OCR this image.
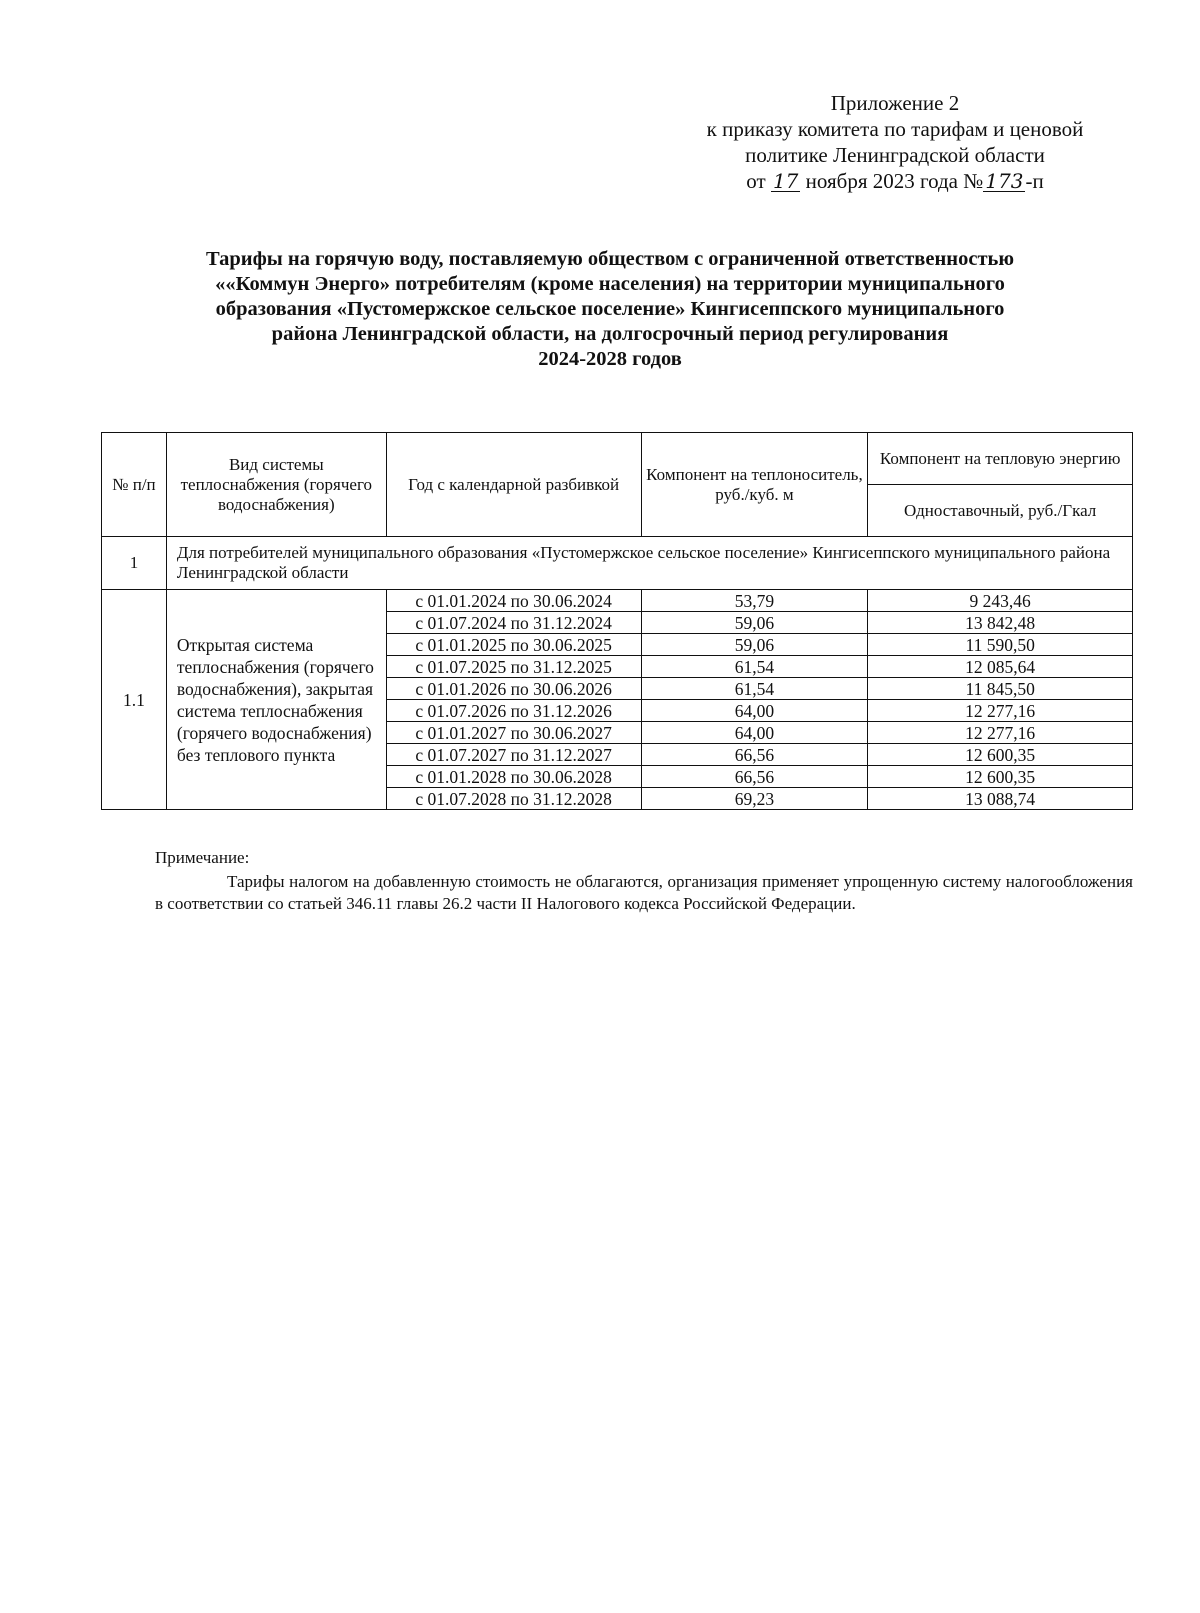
Приложение 2
к приказу комитета по тарифам и ценовой
политике Ленинградской области
от 17 ноября 2023 года № 173-п
Тарифы на горячую воду, поставляемую обществом с ограниченной ответственностью
««Коммун Энерго» потребителям (кроме населения) на территории муниципального
образования «Пустомержское сельское поселение» Кингисеппского муниципального
района Ленинградской области, на долгосрочный период регулирования
2024-2028 годов
№ п/п	Вид системы теплоснабжения (горячего водоснабжения)	Год с календарной разбивкой	Компонент на теплоноситель, руб./куб. м	Компонент на тепловую энергию
				Одноставочный, руб./Гкал
1	Для потребителей муниципального образования «Пустомержское сельское поселение» Кингисеппского муниципального района Ленинградской области			
1.1	Открытая система теплоснабжения (горячего водоснабжения), закрытая система теплоснабжения (горячего водоснабжения) без теплового пункта	с 01.01.2024 по 30.06.2024	53,79	9 243,46
		с 01.07.2024 по 31.12.2024	59,06	13 842,48
		с 01.01.2025 по 30.06.2025	59,06	11 590,50
		с 01.07.2025 по 31.12.2025	61,54	12 085,64
		с 01.01.2026 по 30.06.2026	61,54	11 845,50
		с 01.07.2026 по 31.12.2026	64,00	12 277,16
		с 01.01.2027 по 30.06.2027	64,00	12 277,16
		с 01.07.2027 по 31.12.2027	66,56	12 600,35
		с 01.01.2028 по 30.06.2028	66,56	12 600,35
		с 01.07.2028 по 31.12.2028	69,23	13 088,74
Примечание:
Тарифы налогом на добавленную стоимость не облагаются, организация применяет упрощенную систему налогообложения в соответствии со статьей 346.11 главы 26.2 части II Налогового кодекса Российской Федерации.
